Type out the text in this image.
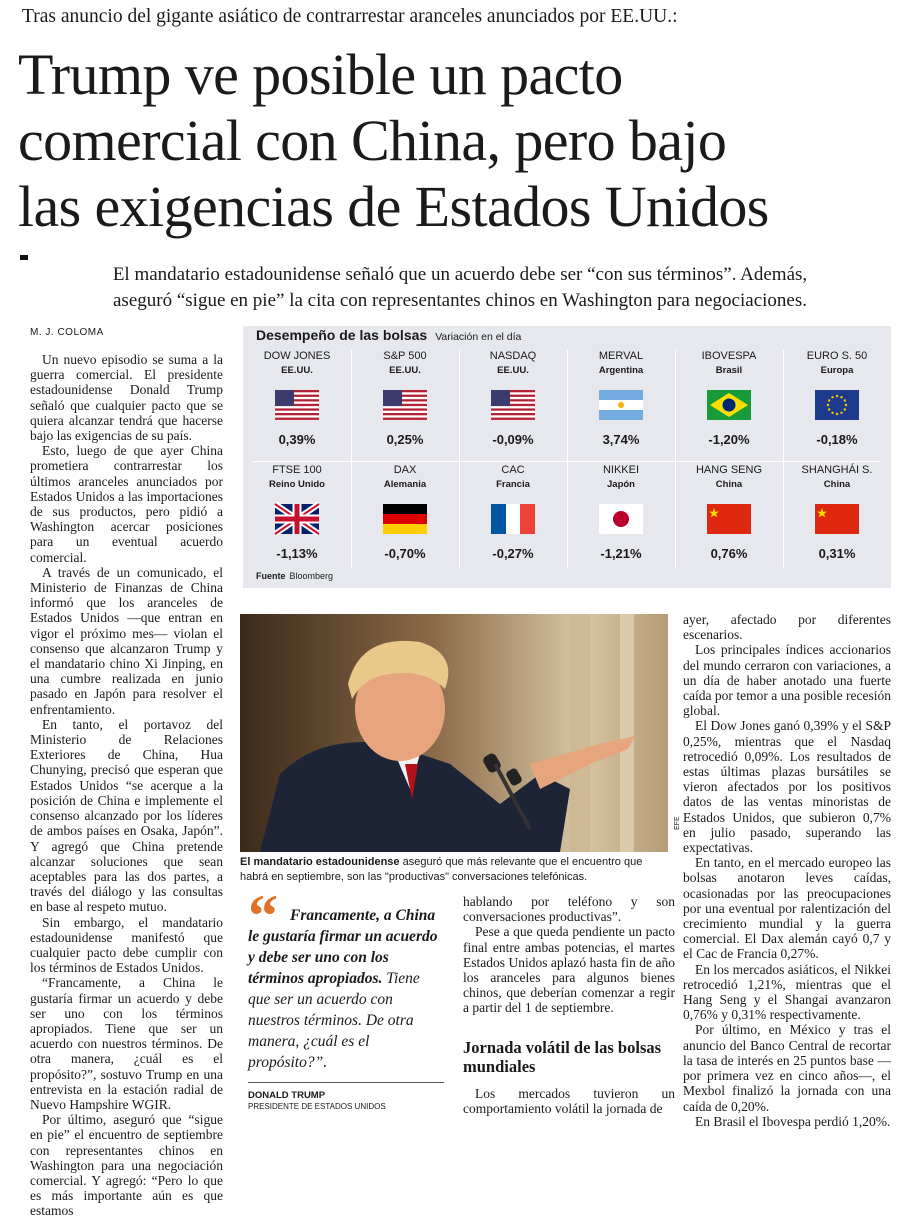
Tras anuncio del gigante asiático de contrarrestar aranceles anunciados por EE.UU.:
Trump ve posible un pacto
comercial con China, pero bajo
las exigencias de Estados Unidos
El mandatario estadounidense señaló que un acuerdo debe ser “con sus términos”. Además,
aseguró “sigue en pie” la cita con representantes chinos en Washington para negociaciones.
M. J. COLOMA

Un nuevo episodio se suma a la guerra comercial. El presidente estadounidense Donald Trump señaló que cualquier pacto que se quiera alcanzar tendrá que hacerse bajo las exigencias de su país.

Esto, luego de que ayer China prometiera contrarrestar los últimos aranceles anunciados por Estados Unidos a las importaciones de sus productos, pero pidió a Washington acercar posiciones para un eventual acuerdo comercial.

A través de un comunicado, el Ministerio de Finanzas de China informó que los aranceles de Estados Unidos —que entran en vigor el próximo mes— violan el consenso que alcanzaron Trump y el mandatario chino Xi Jinping, en una cumbre realizada en junio pasado en Japón para resolver el enfrentamiento.

En tanto, el portavoz del Ministerio de Relaciones Exteriores de China, Hua Chunying, precisó que esperan que Estados Unidos “se acerque a la posición de China e implemente el consenso alcanzado por los líderes de ambos países en Osaka, Japón”. Y agregó que China pretende alcanzar soluciones que sean aceptables para las dos partes, a través del diálogo y las consultas en base al respeto mutuo.

Sin embargo, el mandatario estadounidense manifestó que cualquier pacto debe cumplir con los términos de Estados Unidos.

“Francamente, a China le gustaría firmar un acuerdo y debe ser uno con los términos apropiados. Tiene que ser un acuerdo con nuestros términos. De otra manera, ¿cuál es el propósito?”, sostuvo Trump en una entrevista en la estación radial de Nuevo Hampshire WGIR.

Por último, aseguró que “sigue en pie” el encuentro de septiembre con representantes chinos en Washington para una negociación comercial. Y agregó: “Pero lo que es más importante aún es que estamos

Desempeño de las bolsas Variación en el día
DOW JONES
EE.UU.
0,39%
S&P 500
EE.UU.
0,25%
NASDAQ
EE.UU.
-0,09%
MERVAL
Argentina
3,74%
IBOVESPA
Brasil
-1,20%
EURO S. 50
Europa
-0,18%
FTSE 100
Reino Unido
-1,13%
DAX
Alemania
-0,70%
CAC
Francia
-0,27%
NIKKEI
Japón
-1,21%
HANG SENG
China
0,76%
SHANGHÁI S.
China
0,31%
Fuente Bloomberg
EFE
El mandatario estadounidense aseguró que más relevante que el encuentro que habrá en septiembre, son las "productivas" conversaciones telefónicas.
“ Francamente, a China le gustaría firmar un acuerdo y debe ser uno con los términos apropiados. Tiene que ser un acuerdo con nuestros términos. De otra manera, ¿cuál es el propósito?”.
DONALD TRUMP
PRESIDENTE DE ESTADOS UNIDOS

hablando por teléfono y son conversaciones productivas”.

Pese a que queda pendiente un pacto final entre ambas potencias, el martes Estados Unidos aplazó hasta fin de año los aranceles para algunos bienes chinos, que deberían comenzar a regir a partir del 1 de septiembre.

Jornada volátil de las bolsas mundiales

Los mercados tuvieron un comportamiento volátil la jornada de

ayer, afectado por diferentes escenarios.

Los principales índices accionarios del mundo cerraron con variaciones, a un día de haber anotado una fuerte caída por temor a una posible recesión global.

El Dow Jones ganó 0,39% y el S&P 0,25%, mientras que el Nasdaq retrocedió 0,09%. Los resultados de estas últimas plazas bursátiles se vieron afectados por los positivos datos de las ventas minoristas de Estados Unidos, que subieron 0,7% en julio pasado, superando las expectativas.

En tanto, en el mercado europeo las bolsas anotaron leves caídas, ocasionadas por las preocupaciones por una eventual por ralentización del crecimiento mundial y la guerra comercial. El Dax alemán cayó 0,7 y el Cac de Francia 0,27%.

En los mercados asiáticos, el Nikkei retrocedió 1,21%, mientras que el Hang Seng y el Shangai avanzaron 0,76% y 0,31% respectivamente.

Por último, en México y tras el anuncio del Banco Central de recortar la tasa de interés en 25 puntos base —por primera vez en cinco años—, el Mexbol finalizó la jornada con una caída de 0,20%.

En Brasil el Ibovespa perdió 1,20%.
